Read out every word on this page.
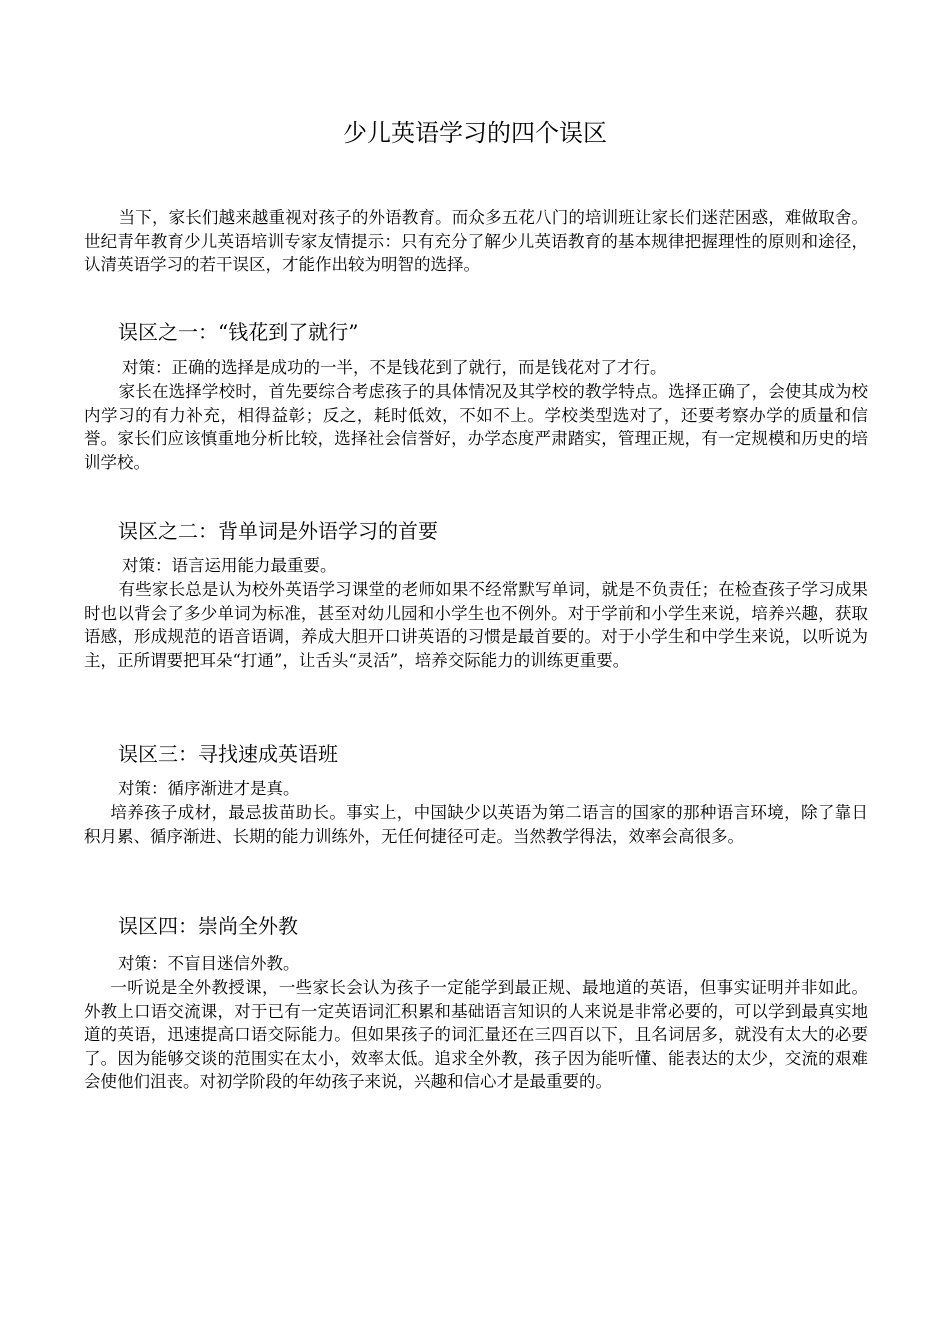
少儿英语学习的四个误区

当下，家长们越来越重视对孩子的外语教育。而众多五花八门的培训班让家长们迷茫困惑，难做取舍。世纪青年教育少儿英语培训专家友情提示：只有充分了解少儿英语教育的基本规律把握理性的原则和途径，认清英语学习的若干误区，才能作出较为明智的选择。

误区之一：“钱花到了就行”
对策：正确的选择是成功的一半，不是钱花到了就行，而是钱花对了才行。

家长在选择学校时，首先要综合考虑孩子的具体情况及其学校的教学特点。选择正确了，会使其成为校内学习的有力补充，相得益彰；反之，耗时低效，不如不上。学校类型选对了，还要考察办学的质量和信誉。家长们应该慎重地分析比较，选择社会信誉好，办学态度严肃踏实，管理正规，有一定规模和历史的培训学校。

误区之二：背单词是外语学习的首要
对策：语言运用能力最重要。

有些家长总是认为校外英语学习课堂的老师如果不经常默写单词，就是不负责任；在检查孩子学习成果时也以背会了多少单词为标准，甚至对幼儿园和小学生也不例外。对于学前和小学生来说，培养兴趣，获取语感，形成规范的语音语调，养成大胆开口讲英语的习惯是最首要的。对于小学生和中学生来说，以听说为主，正所谓要把耳朵“打通”，让舌头“灵活”，培养交际能力的训练更重要。

误区三：寻找速成英语班
对策：循序渐进才是真。

培养孩子成材，最忌拔苗助长。事实上，中国缺少以英语为第二语言的国家的那种语言环境，除了靠日积月累、循序渐进、长期的能力训练外，无任何捷径可走。当然教学得法，效率会高很多。

误区四：崇尚全外教
对策：不盲目迷信外教。

一听说是全外教授课，一些家长会认为孩子一定能学到最正规、最地道的英语，但事实证明并非如此。外教上口语交流课，对于已有一定英语词汇积累和基础语言知识的人来说是非常必要的，可以学到最真实地道的英语，迅速提高口语交际能力。但如果孩子的词汇量还在三四百以下，且名词居多，就没有太大的必要了。因为能够交谈的范围实在太小，效率太低。追求全外教，孩子因为能听懂、能表达的太少，交流的艰难会使他们沮丧。对初学阶段的年幼孩子来说，兴趣和信心才是最重要的。
